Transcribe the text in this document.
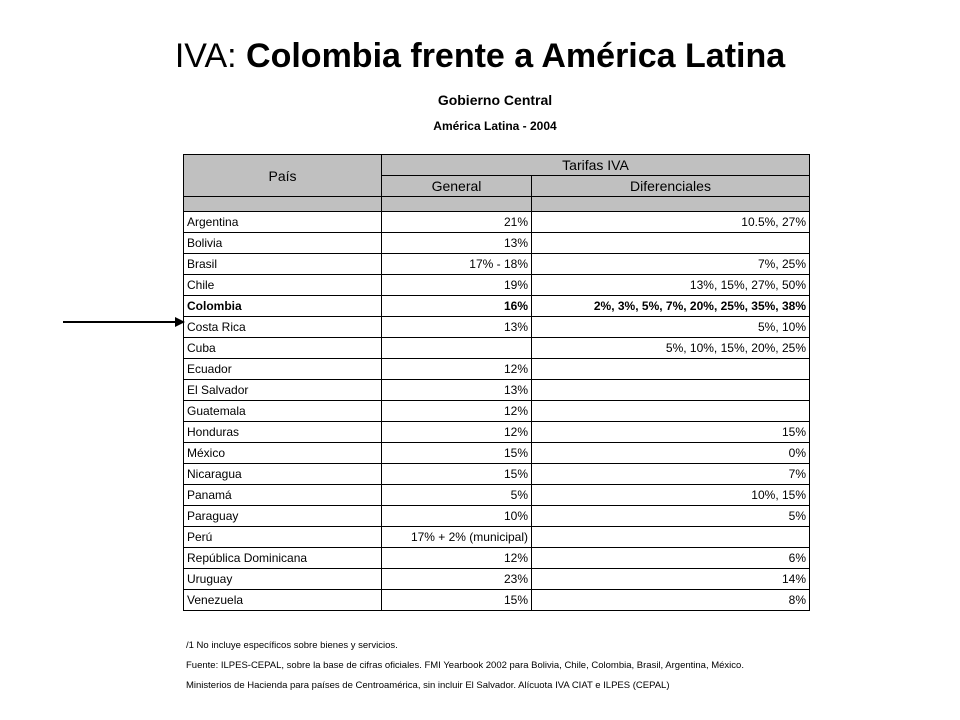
IVA: Colombia frente a América Latina
Gobierno Central
América Latina - 2004
País	Tarifas IVA	
	General	Diferenciales

Argentina	21%	10.5%, 27%
Bolivia	13%	
Brasil	17% - 18%	7%, 25%
Chile	19%	13%, 15%, 27%, 50%
Colombia	16%	2%, 3%, 5%, 7%, 20%, 25%, 35%, 38%
Costa Rica	13%	5%, 10%
Cuba		5%, 10%, 15%, 20%, 25%
Ecuador	12%	
El Salvador	13%	
Guatemala	12%	
Honduras	12%	15%
México	15%	0%
Nicaragua	15%	7%
Panamá	5%	10%, 15%
Paraguay	10%	5%
Perú	17% + 2% (municipal)	
República Dominicana	12%	6%
Uruguay	23%	14%
Venezuela	15%	8%
/1 No incluye específicos sobre bienes y servicios.
Fuente: ILPES-CEPAL, sobre la base de cifras oficiales. FMI Yearbook 2002 para Bolivia, Chile, Colombia, Brasil, Argentina, México.
Ministerios de Hacienda para países de Centroamérica, sin incluir El Salvador. Alícuota IVA CIAT e ILPES (CEPAL)
